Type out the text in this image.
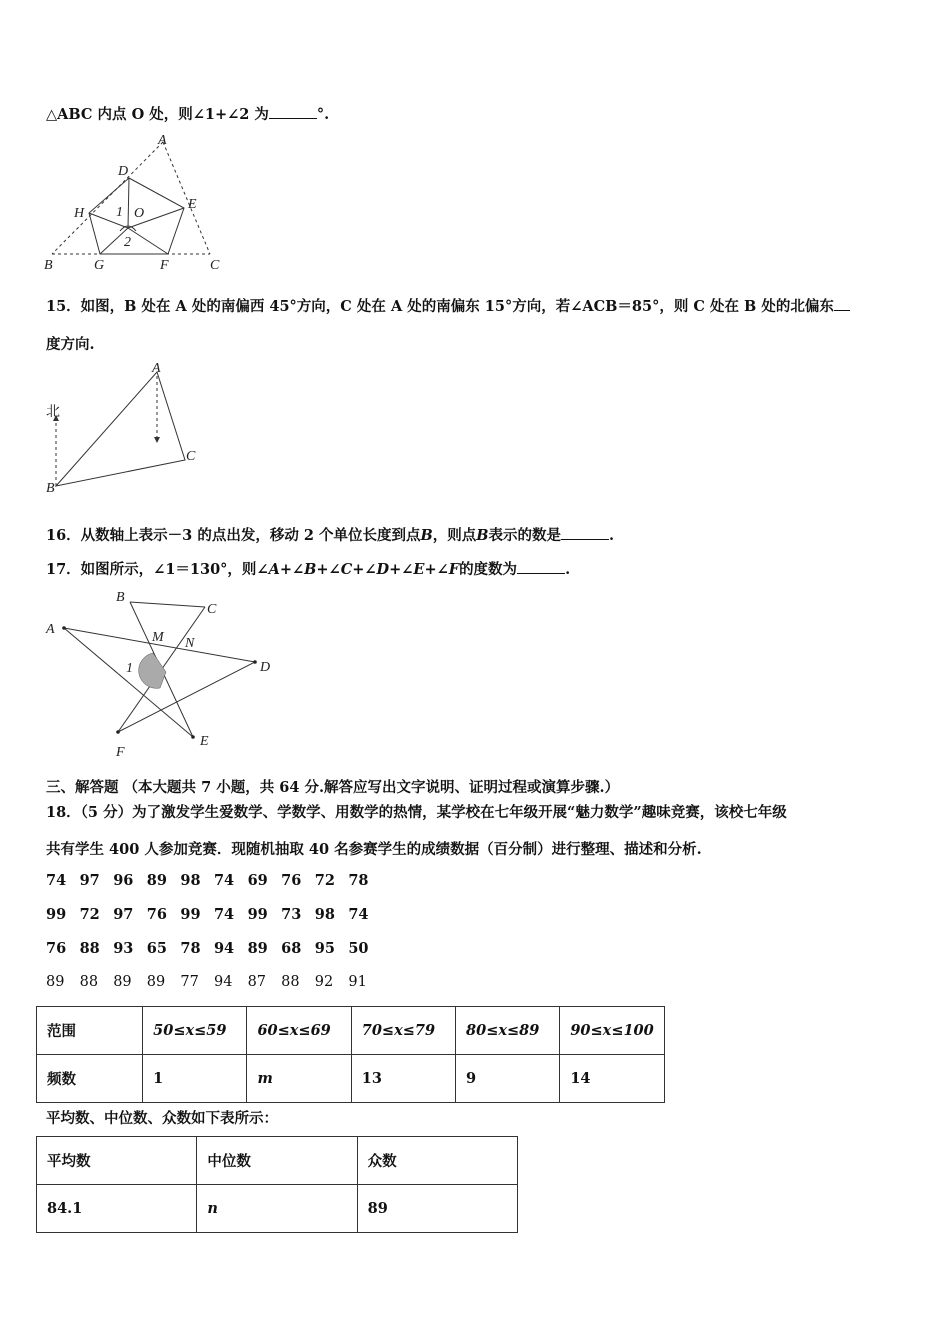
△ABC 内点 O 处，则∠1+∠2 为	°.
A
D
E
H	O
1
2
B	G	F	C
15．如图，B 处在 A 处的南偏西 45°方向，C 处在 A 处的南偏东 15°方向，若∠ACB＝85°，则 C 处在 B 处的北偏东
度方向.
A
C
B
北
16．从数轴上表示－3 的点出发，移动 2 个单位长度到点B，则点B表示的数是	.
17．如图所示，∠1＝130°，则∠A+∠B+∠C+∠D+∠E+∠F的度数为	.
A
B
C
D
E
F
M N
1
三、解答题 （本大题共 7 小题，共 64 分.解答应写出文字说明、证明过程或演算步骤.）
18．（5 分）为了激发学生爱数学、学数学、用数学的热情，某学校在七年级开展“魅力数学”趣味竞赛，该校七年级
共有学生 400 人参加竞赛．现随机抽取 40 名参赛学生的成绩数据（百分制）进行整理、描述和分析.
74 97 96 89 98 74 69 76 72 78
99 72 97 76 99 74 99 73 98 74
76 88 93 65 78 94 89 68 95 50
89 88 89 89 77 94 87 88 92 91
范围	50≤x≤59	60≤x≤69	70≤x≤79	80≤x≤89	90≤x≤100
频数	1	m	13	9	14
平均数、中位数、众数如下表所示：
平均数	中位数	众数
84.1	n	89
